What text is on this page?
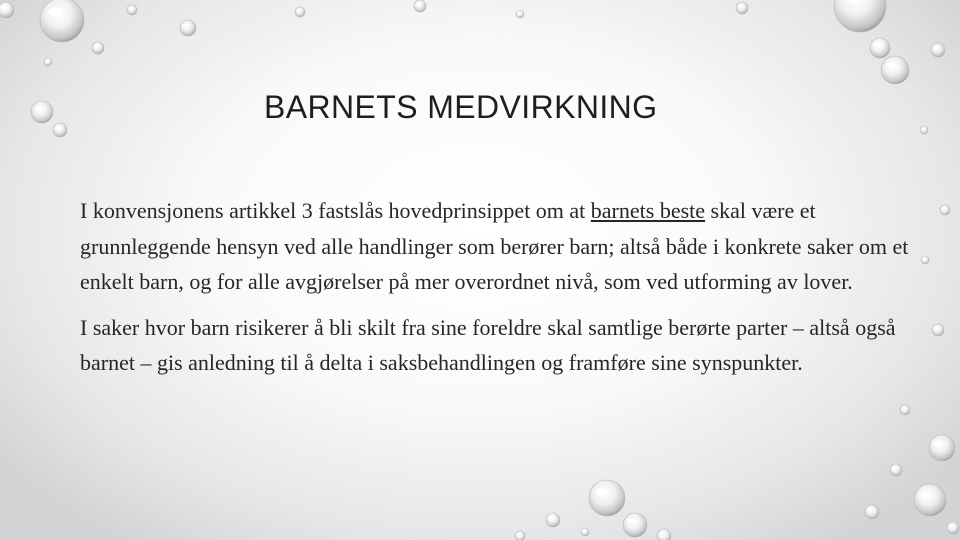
BARNETS MEDVIRKNING

I konvensjonens artikkel 3 fastslås hovedprinsippet om at barnets beste skal være et grunnleggende hensyn ved alle handlinger som berører barn; altså både i konkrete saker om et enkelt barn, og for alle avgjørelser på mer overordnet nivå, som ved utforming av lover.

I saker hvor barn risikerer å bli skilt fra sine foreldre skal samtlige berørte parter – altså også barnet – gis anledning til å delta i saksbehandlingen og framføre sine synspunkter.
